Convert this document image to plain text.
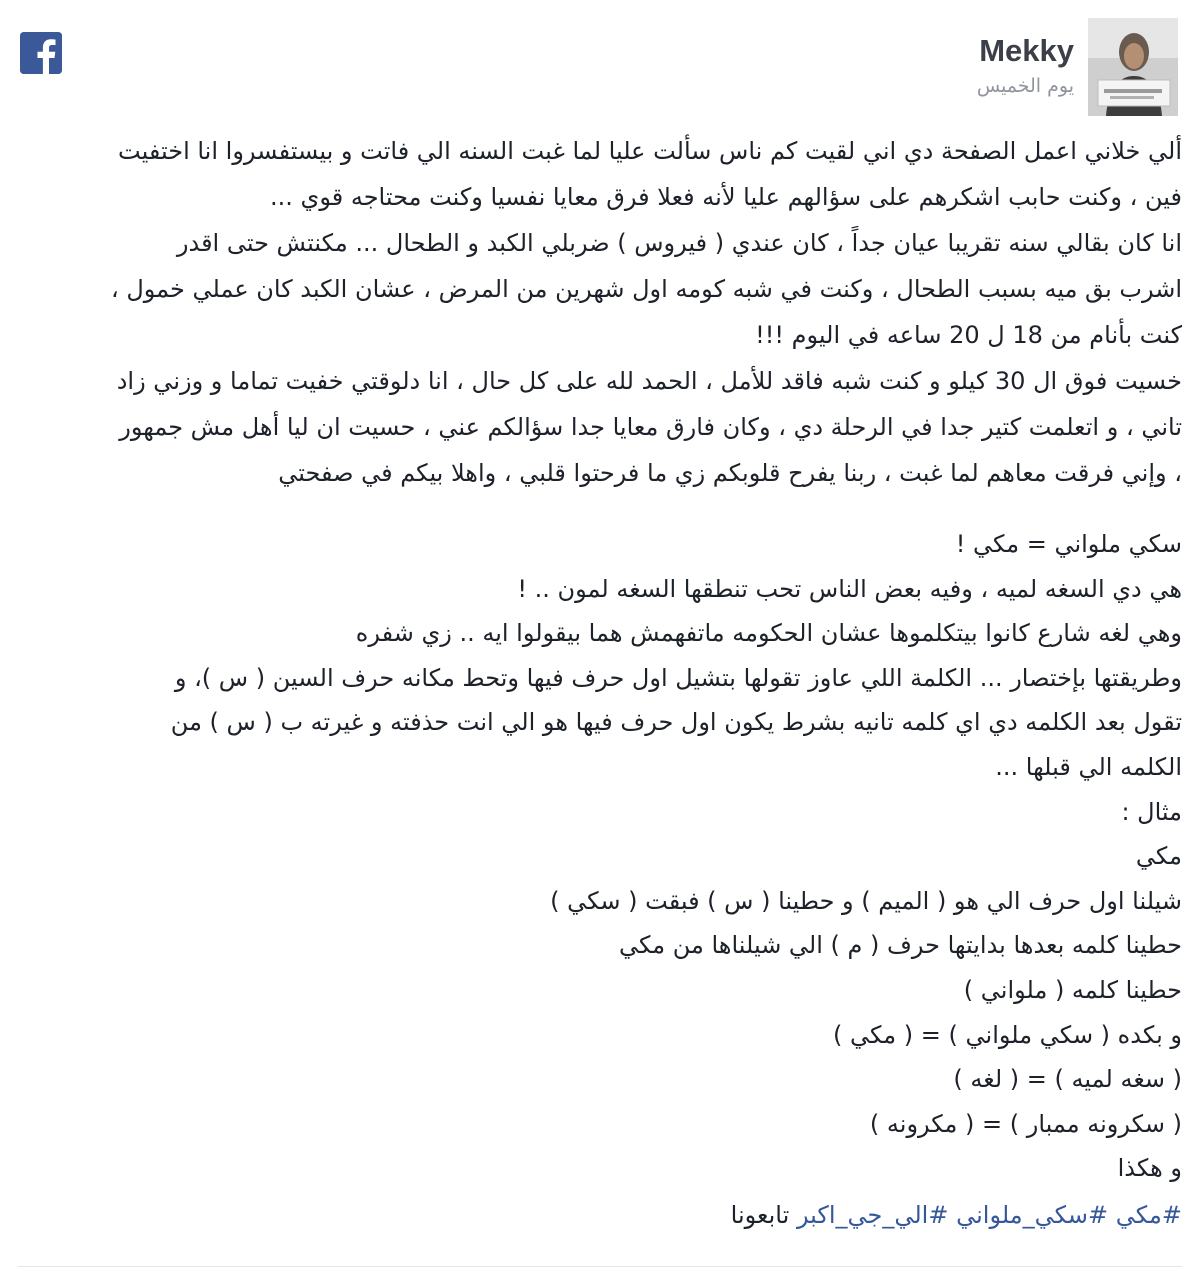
Mekky
يوم الخميس
ألي خلاني اعمل الصفحة دي اني لقيت كم ناس سألت عليا لما غبت السنه الي فاتت و بيستفسروا انا اختفيت
فين ، وكنت حابب اشكرهم على سؤالهم عليا لأنه فعلا فرق معايا نفسيا وكنت محتاجه قوي ...
انا كان بقالي سنه تقريبا عيان جداً ، كان عندي ( فيروس ) ضربلي الكبد و الطحال ... مكنتش حتى اقدر
اشرب بق ميه بسبب الطحال ، وكنت في شبه كومه اول شهرين من المرض ، عشان الكبد كان عملي خمول ،
كنت بأنام من 18 ل 20 ساعه في اليوم !!!
خسيت فوق ال 30 كيلو و كنت شبه فاقد للأمل ، الحمد لله على كل حال ، انا دلوقتي خفيت تماما و وزني زاد
تاني ، و اتعلمت كتير جدا في الرحلة دي ، وكان فارق معايا جدا سؤالكم عني ، حسيت ان ليا أهل مش جمهور
، وإني فرقت معاهم لما غبت ، ربنا يفرح قلوبكم زي ما فرحتوا قلبي ، واهلا بيكم في صفحتي
سكي ملواني = مكي !
هي دي السغه لميه ، وفيه بعض الناس تحب تنطقها السغه لمون .. !
وهي لغه شارع كانوا بيتكلموها عشان الحكومه ماتفهمش هما بيقولوا ايه .. زي شفره
وطريقتها بإختصار ... الكلمة اللي عاوز تقولها بتشيل اول حرف فيها وتحط مكانه حرف السين ( س )، و
تقول بعد الكلمه دي اي كلمه تانيه بشرط يكون اول حرف فيها هو الي انت حذفته و غيرته ب ( س ) من
الكلمه الي قبلها ...
مثال :
مكي
شيلنا اول حرف الي هو ( الميم ) و حطينا ( س ) فبقت ( سكي )
حطينا كلمه بعدها بدايتها حرف ( م ) الي شيلناها من مكي
حطينا كلمه ( ملواني )
و بكده ( سكي ملواني ) = ( مكي )
( سغه لميه ) = ( لغه )
( سكرونه ممبار ) = ( مكرونه )
و هكذا
#مكي #سكي_ملواني #الي_جي_اكبر تابعونا
